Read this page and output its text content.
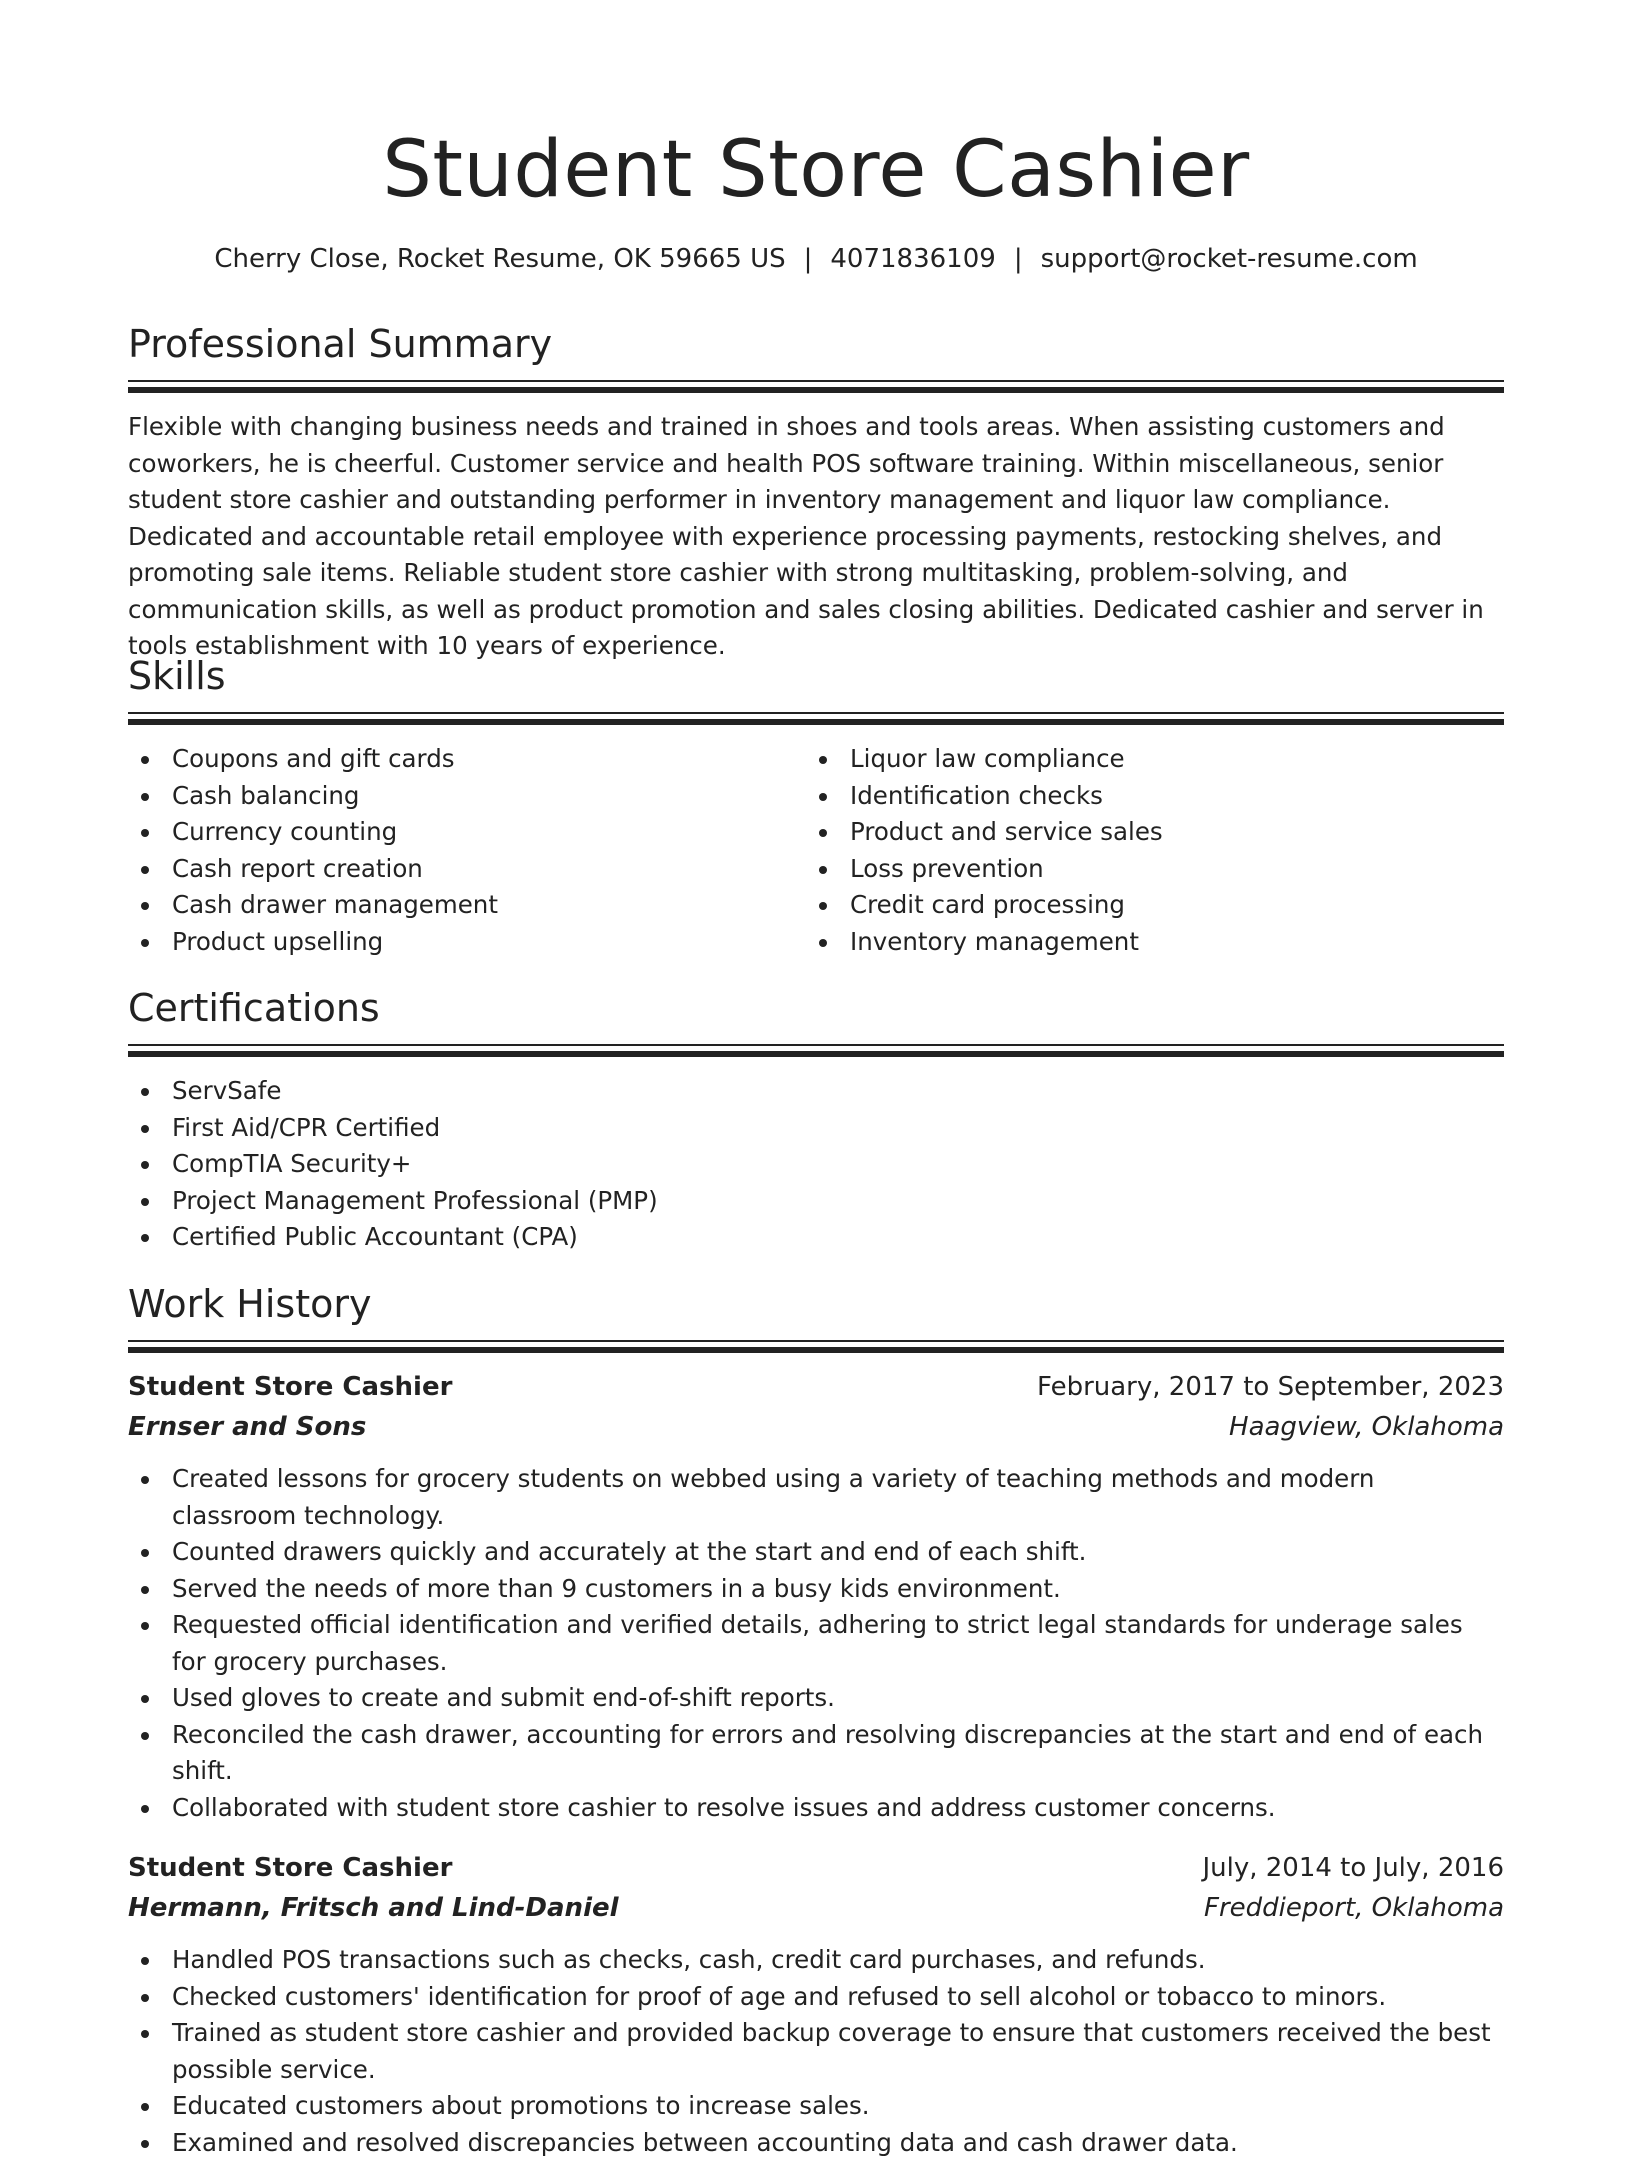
Student Store Cashier
Cherry Close, Rocket Resume, OK 59665 US | 4071836109 | support@rocket-resume.com
Professional Summary

Flexible with changing business needs and trained in shoes and tools areas. When assisting customers and coworkers, he is cheerful. Customer service and health POS software training. Within miscellaneous, senior student store cashier and outstanding performer in inventory management and liquor law compliance. Dedicated and accountable retail employee with experience processing payments, restocking shelves, and promoting sale items. Reliable student store cashier with strong multitasking, problem-solving, and communication skills, as well as product promotion and sales closing abilities. Dedicated cashier and server in tools establishment with 10 years of experience.

Skills
Coupons and gift cards
Cash balancing
Currency counting
Cash report creation
Cash drawer management
Product upselling
Liquor law compliance
Identification checks
Product and service sales
Loss prevention
Credit card processing
Inventory management
Certifications
ServSafe
First Aid/CPR Certified
CompTIA Security+
Project Management Professional (PMP)
Certified Public Accountant (CPA)
Work History
Student Store Cashier	February, 2017 to September, 2023
Ernser and Sons	Haagview, Oklahoma
Created lessons for grocery students on webbed using a variety of teaching methods and modern classroom technology.
Counted drawers quickly and accurately at the start and end of each shift.
Served the needs of more than 9 customers in a busy kids environment.
Requested official identification and verified details, adhering to strict legal standards for underage sales for grocery purchases.
Used gloves to create and submit end-of-shift reports.
Reconciled the cash drawer, accounting for errors and resolving discrepancies at the start and end of each shift.
Collaborated with student store cashier to resolve issues and address customer concerns.
Student Store Cashier	July, 2014 to July, 2016
Hermann, Fritsch and Lind-Daniel	Freddieport, Oklahoma
Handled POS transactions such as checks, cash, credit card purchases, and refunds.
Checked customers' identification for proof of age and refused to sell alcohol or tobacco to minors.
Trained as student store cashier and provided backup coverage to ensure that customers received the best possible service.
Educated customers about promotions to increase sales.
Examined and resolved discrepancies between accounting data and cash drawer data.
